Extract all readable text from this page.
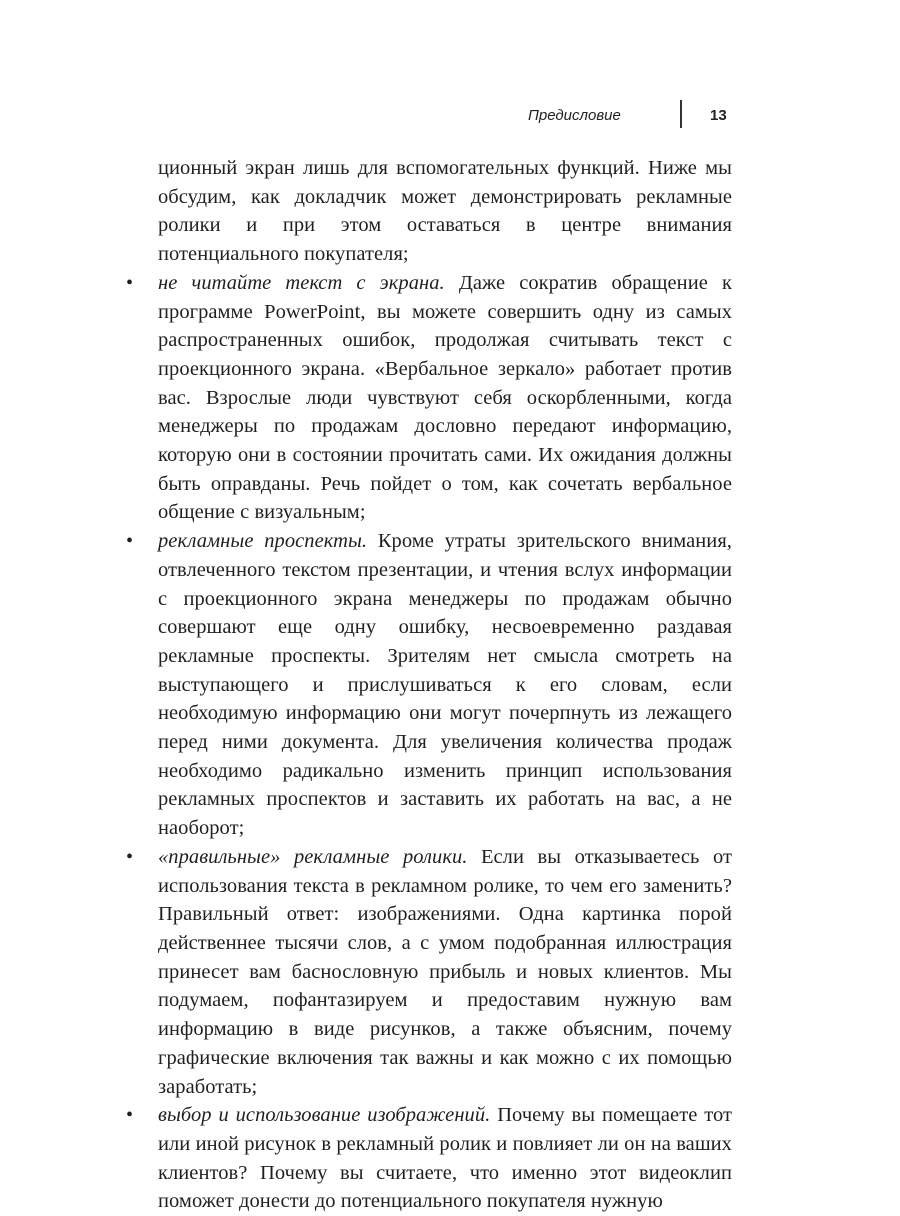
Предисловие	13

ционный экран лишь для вспомогательных функций. Ниже мы обсудим, как докладчик может демонстрировать рекламные ролики и при этом оставаться в центре внимания потенциального покупателя;

• не читайте текст с экрана. Даже сократив обращение к программе PowerPoint, вы можете совершить одну из самых распространенных ошибок, продолжая считывать текст с проекционного экрана. «Вербальное зеркало» работает против вас. Взрослые люди чувствуют себя оскорбленными, когда менеджеры по продажам дословно передают информацию, которую они в состоянии прочитать сами. Их ожидания должны быть оправданы. Речь пойдет о том, как сочетать вербальное общение с визуальным;
• рекламные проспекты. Кроме утраты зрительского внимания, отвлеченного текстом презентации, и чтения вслух информации с проекционного экрана менеджеры по продажам обычно совершают еще одну ошибку, несвоевременно раздавая рекламные проспекты. Зрителям нет смысла смотреть на выступающего и прислушиваться к его словам, если необходимую информацию они могут почерпнуть из лежащего перед ними документа. Для увеличения количества продаж необходимо радикально изменить принцип использования рекламных проспектов и заставить их работать на вас, а не наоборот;
• «правильные» рекламные ролики. Если вы отказываетесь от использования текста в рекламном ролике, то чем его заменить? Правильный ответ: изображениями. Одна картинка порой действеннее тысячи слов, а с умом подобранная иллюстрация принесет вам баснословную прибыль и новых клиентов. Мы подумаем, пофантазируем и предоставим нужную вам информацию в виде рисунков, а также объясним, почему графические включения так важны и как можно с их помощью заработать;
• выбор и использование изображений. Почему вы помещаете тот или иной рисунок в рекламный ролик и повлияет ли он на ваших клиентов? Почему вы считаете, что именно этот видеоклип поможет донести до потенциального покупателя нужную
